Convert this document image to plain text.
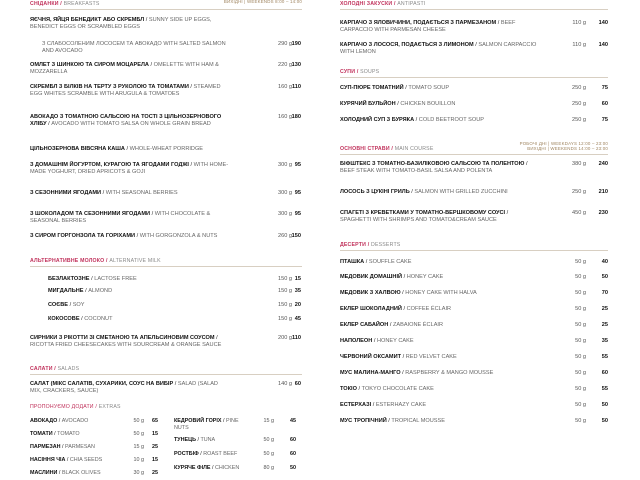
СНІДАНКИ / BREAKFASTS	ВИХІДНІ | WEEKENDS 8:00 – 14:00
ЯЄЧНЯ, ЯЙЦЯ БЕНЕДИКТ АБО СКРЕМБЛ / SUNNY SIDE UP EGGS, BENEDICT EGGS OR SCRAMBLED EGGS
З СЛАБОСОЛЕНИМ ЛОСОСЕМ ТА АВОКАДО WITH SALTED SALMON AND AVOCADO
290 g 190
ОМЛЕТ З ШИНКОЮ ТА СИРОМ МОЦАРЕЛА / OMELETTE WITH HAM & MOZZARELLA
220 g 130
СКРЕМБЛ З БІЛКІВ НА ТЕРТУ З РУКОЛОЮ ТА ТОМАТАМИ / STEAMED EGG WHITES SCRAMBLE WITH ARUGULA & TOMATOES
160 g 110
АВОКАДО З ТОМАТНОЮ САЛЬСОЮ НА ТОСТІ З ЦІЛЬНОЗЕРНОВОГО ХЛІБУ / AVOCADO WITH TOMATO SALSA ON WHOLE GRAIN BREAD
160 g 180
ЦІЛЬНОЗЕРНОВА ВІВСЯНА КАША / WHOLE-WHEAT PORRIDGE
З ДОМАШНІМ ЙОГУРТОМ, КУРАГОЮ ТА ЯГОДАМИ ГОДЖІ / WITH HOME-MADE YOGHURT, DRIED APRICOTS & GOJI
300 g 95
З СЕЗОННИМИ ЯГОДАМИ / WITH SEASONAL BERRIES	300 g 95
З ШОКОЛАДОМ ТА СЕЗОННИМИ ЯГОДАМИ / WITH CHOCOLATE & SEASONAL BERRIES
300 g 95
З СИРОМ ГОРГОНЗОЛА ТА ГОРІХАМИ / WITH GORGONZOLA & NUTS	260 g 150
АЛЬТЕРНАТИВНЕ МОЛОКО / ALTERNATIVE MILK
БЕЗЛАКТОЗНЕ / LACTOSE FREE	150 g 15
МИГДАЛЬНЕ / ALMOND	150 g 35
СОЄВЕ / SOY	150 g 20
КОКОСОВЕ / COCONUT	150 g 45
СИРНИКИ З РІКОТТИ ЗІ СМЕТАНОЮ ТА АПЕЛЬСИНОВИМ СОУСОМ / RICOTTA FRIED CHEESECAKES WITH SOURCREAM & ORANGE SAUCE
200 g 110
САЛАТИ / SALADS
САЛАТ (МІКС САЛАТІВ, СУХАРИКИ, СОУС НА ВИБІР / SALAD (SALAD MIX, CRACKERS, SAUCE)
140 g 60
ПРОПОНУЄМО ДОДАТИ / EXTRAS
АВОКАДО / AVOCADO	50 g	65
ТОМАТИ / TOMATO	50 g	15
ПАРМЕЗАН / PARMESAN	15 g	25
НАСІННЯ ЧІА / CHIA SEEDS	10 g	15
МАСЛИНИ / BLACK OLIVES	30 g	25
КЕДРОВИЙ ГОРІХ / PINE NUTS
15 g	45
ТУНЕЦЬ / TUNA	50 g	60
РОСТБІФ / ROAST BEEF	50 g	60
КУРЯЧЕ ФІЛЕ / CHICKEN	80 g	50
ХОЛОДНІ ЗАКУСКИ / ANTIPASTI
КАРПАЧО З ЯЛОВИЧИНИ, ПОДАЄТЬСЯ З ПАРМЕЗАНОМ / BEEF CARPACCIO WITH PARMESAN CHEESE
110 g	140
КАРПАЧО З ЛОСОСЯ, ПОДАЄТЬСЯ З ЛИМОНОМ / SALMON CARPACCIO WITH LEMON
110 g	140
СУПИ / SOUPS
СУП-ПЮРЕ ТОМАТНИЙ / TOMATO SOUP	250 g	75
КУРЯЧИЙ БУЛЬЙОН / CHICKEN BOUILLON	250 g	60
ХОЛОДНИЙ СУП З БУРЯКА / COLD BEETROOT SOUP	250 g	75
ОСНОВНІ СТРАВИ / MAIN COURSE
РОБОЧІ ДНІ | WEEKDAYS 12:00 – 23:00
ВИХІДНІ | WEEKENDS 14:00 – 23:00
БІФШТЕКС З ТОМАТНО-БАЗИЛІКОВОЮ САЛЬСОЮ ТА ПОЛЕНТОЮ / BEEF STEAK WITH TOMATO-BASIL SALSA AND POLENTA
380 g	240
ЛОСОСЬ З ЦУКІНІ ГРИЛЬ / SALMON WITH GRILLED ZUCCHINI	250 g	210
СПАГЕТІ З КРЕВЕТКАМИ У ТОМАТНО-ВЕРШКОВОМУ СОУСІ / SPAGHETTI WITH SHRIMPS AND TOMATO&CREAM SAUCE
450 g	230
ДЕСЕРТИ / DESSERTS
ПТАШКА / SOUFFLE CAKE	50 g	40
МЕДОВИК ДОМАШНІЙ / HONEY CAKE	50 g	50
МЕДОВИК З ХАЛВОЮ / HONEY CAKE WITH HALVA	50 g	70
ЕКЛЕР ШОКОЛАДНИЙ / COFFEE ÉCLAIR	50 g	25
ЕКЛЕР САБАЙОН / ZABAIONE ÉCLAIR	50 g	25
НАПОЛЕОН / HONEY CAKE	50 g	35
ЧЕРВОНИЙ ОКСАМИТ / RED VELVET CAKE	50 g	55
МУС МАЛИНА-МАНГО / RASPBERRY & MANGO MOUSSE	50 g	60
ТОКІО / TOKYO CHOCOLATE CAKE	50 g	55
ЕСТЕРХАЗІ / ESTERHAZY CAKE	50 g	50
МУС ТРОПІЧНИЙ / TROPICAL MOUSSE	50 g	50
